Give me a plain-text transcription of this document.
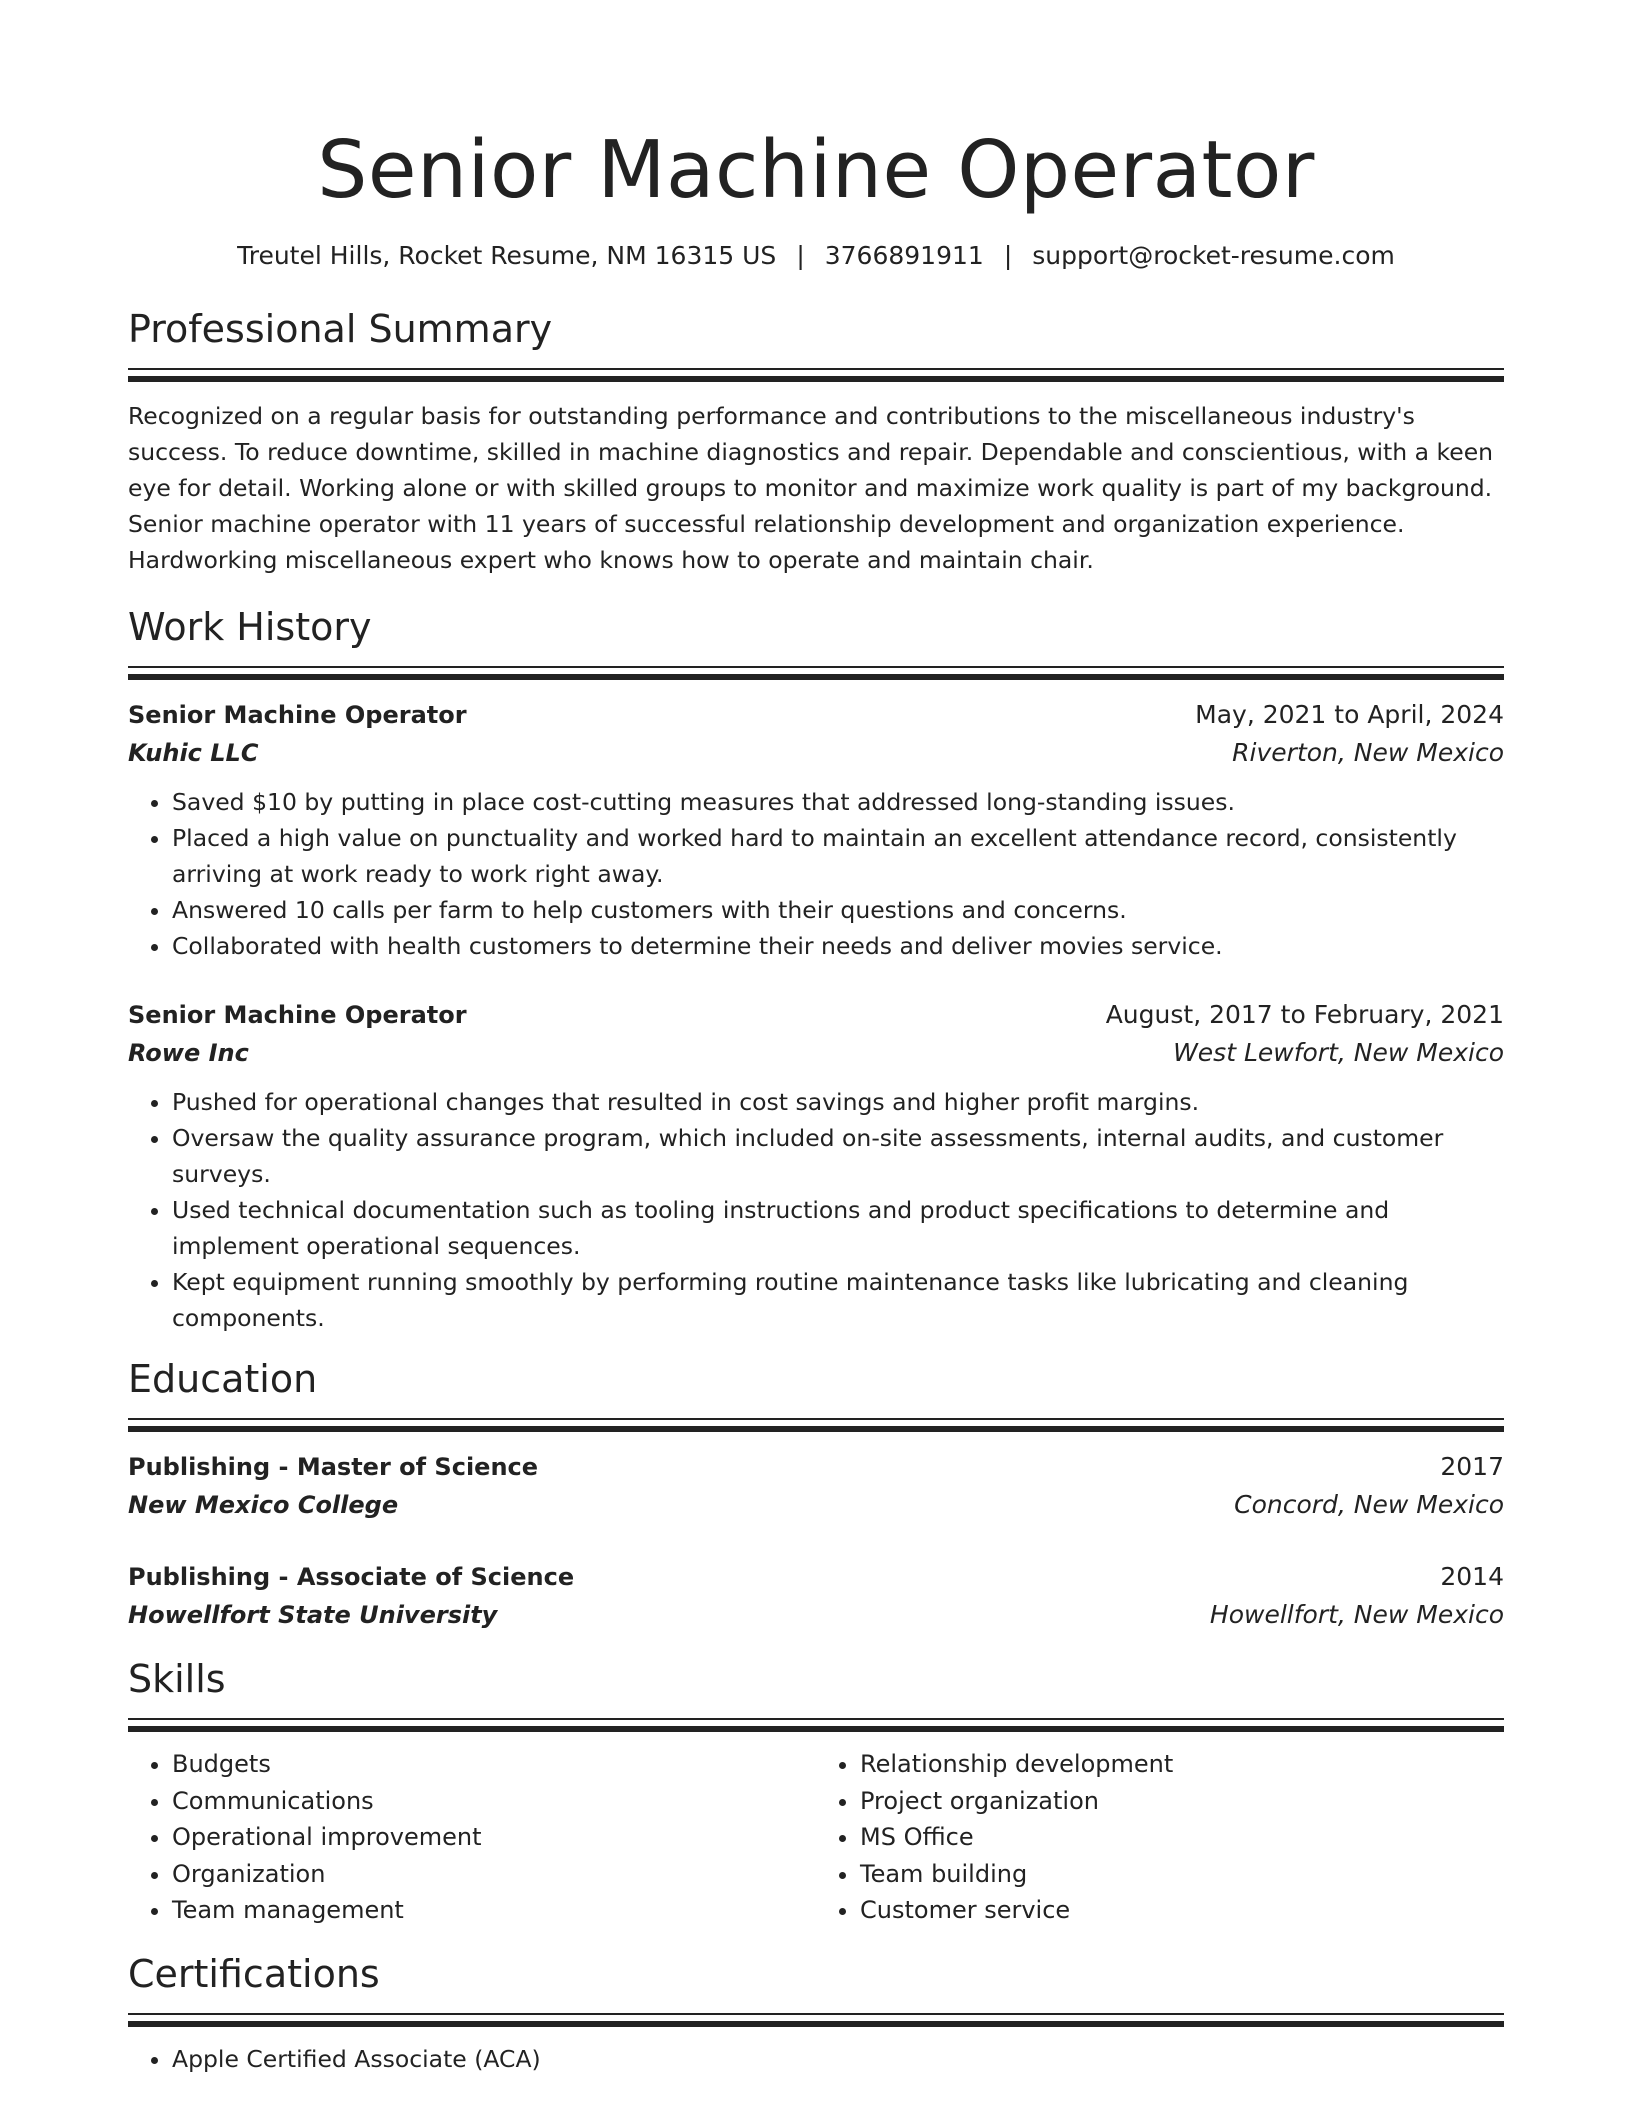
Senior Machine Operator
Treutel Hills, Rocket Resume, NM 16315 US | 3766891911 | support@rocket-resume.com
Professional Summary

Recognized on a regular basis for outstanding performance and contributions to the miscellaneous industry's success. To reduce downtime, skilled in machine diagnostics and repair. Dependable and conscientious, with a keen eye for detail. Working alone or with skilled groups to monitor and maximize work quality is part of my background. Senior machine operator with 11 years of successful relationship development and organization experience. Hardworking miscellaneous expert who knows how to operate and maintain chair.

Work History
Senior Machine Operator	May, 2021 to April, 2024
Kuhic LLC	Riverton, New Mexico
• Saved $10 by putting in place cost-cutting measures that addressed long-standing issues.
• Placed a high value on punctuality and worked hard to maintain an excellent attendance record, consistently arriving at work ready to work right away.
• Answered 10 calls per farm to help customers with their questions and concerns.
• Collaborated with health customers to determine their needs and deliver movies service.
Senior Machine Operator	August, 2017 to February, 2021
Rowe Inc	West Lewfort, New Mexico
• Pushed for operational changes that resulted in cost savings and higher profit margins.
• Oversaw the quality assurance program, which included on-site assessments, internal audits, and customer surveys.
• Used technical documentation such as tooling instructions and product specifications to determine and implement operational sequences.
• Kept equipment running smoothly by performing routine maintenance tasks like lubricating and cleaning components.
Education
Publishing - Master of Science	2017
New Mexico College	Concord, New Mexico
Publishing - Associate of Science	2014
Howellfort State University	Howellfort, New Mexico
Skills
• Budgets
• Communications
• Operational improvement
• Organization
• Team management
• Relationship development
• Project organization
• MS Office
• Team building
• Customer service
Certifications
• Apple Certified Associate (ACA)
